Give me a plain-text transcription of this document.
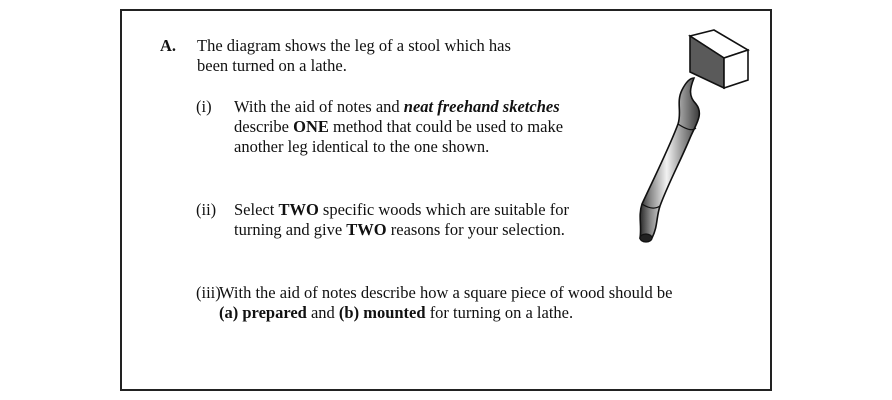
A. The diagram shows the leg of a stool which has
been turned on a lathe.
(i) With the aid of notes and neat freehand sketches
describe ONE method that could be used to make
another leg identical to the one shown.
(ii) Select TWO specific woods which are suitable for
turning and give TWO reasons for your selection.
(iii)
With the aid of notes describe how a square piece of wood should be
(a) prepared and (b) mounted for turning on a lathe.
